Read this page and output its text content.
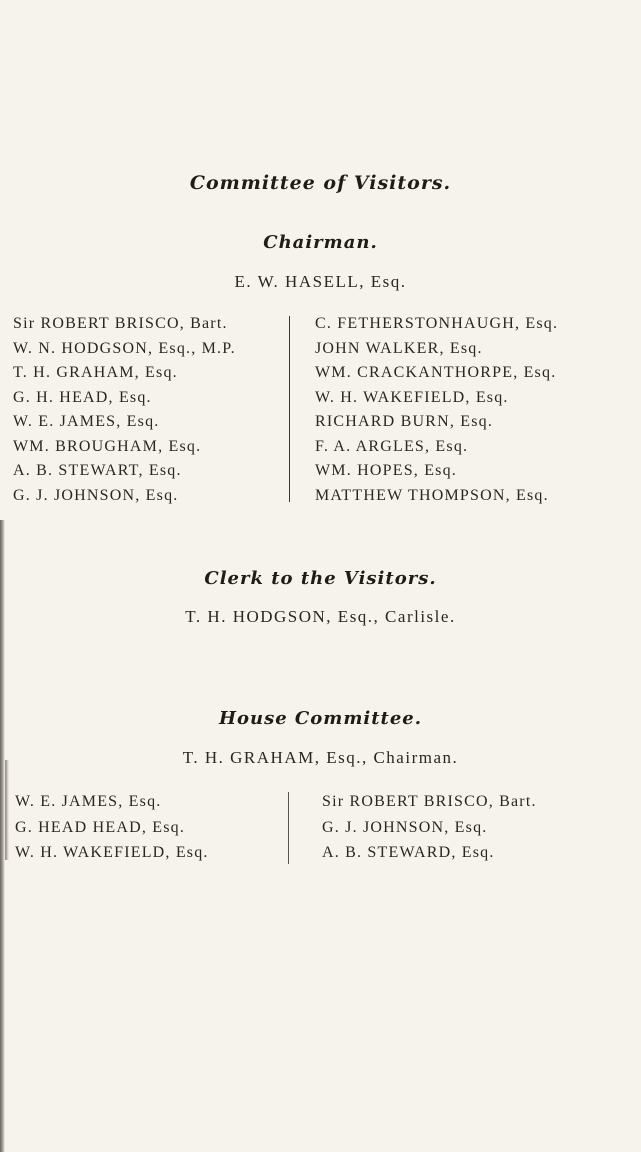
Committee of Visitors.
Chairman.
E. W. HASELL, Esq.
Sir ROBERT BRISCO, Bart.
W. N. HODGSON, Esq., M.P.
T. H. GRAHAM, Esq.
G. H. HEAD, Esq.
W. E. JAMES, Esq.
WM. BROUGHAM, Esq.
A. B. STEWART, Esq.
G. J. JOHNSON, Esq.
C. FETHERSTONHAUGH, Esq.
JOHN WALKER, Esq.
WM. CRACKANTHORPE, Esq.
W. H. WAKEFIELD, Esq.
RICHARD BURN, Esq.
F. A. ARGLES, Esq.
WM. HOPES, Esq.
MATTHEW THOMPSON, Esq.
Clerk to the Visitors.
T. H. HODGSON, Esq., Carlisle.
House Committee.
T. H. GRAHAM, Esq., Chairman.
W. E. JAMES, Esq.
G. HEAD HEAD, Esq.
W. H. WAKEFIELD, Esq.
Sir ROBERT BRISCO, Bart.
G. J. JOHNSON, Esq.
A. B. STEWARD, Esq.
